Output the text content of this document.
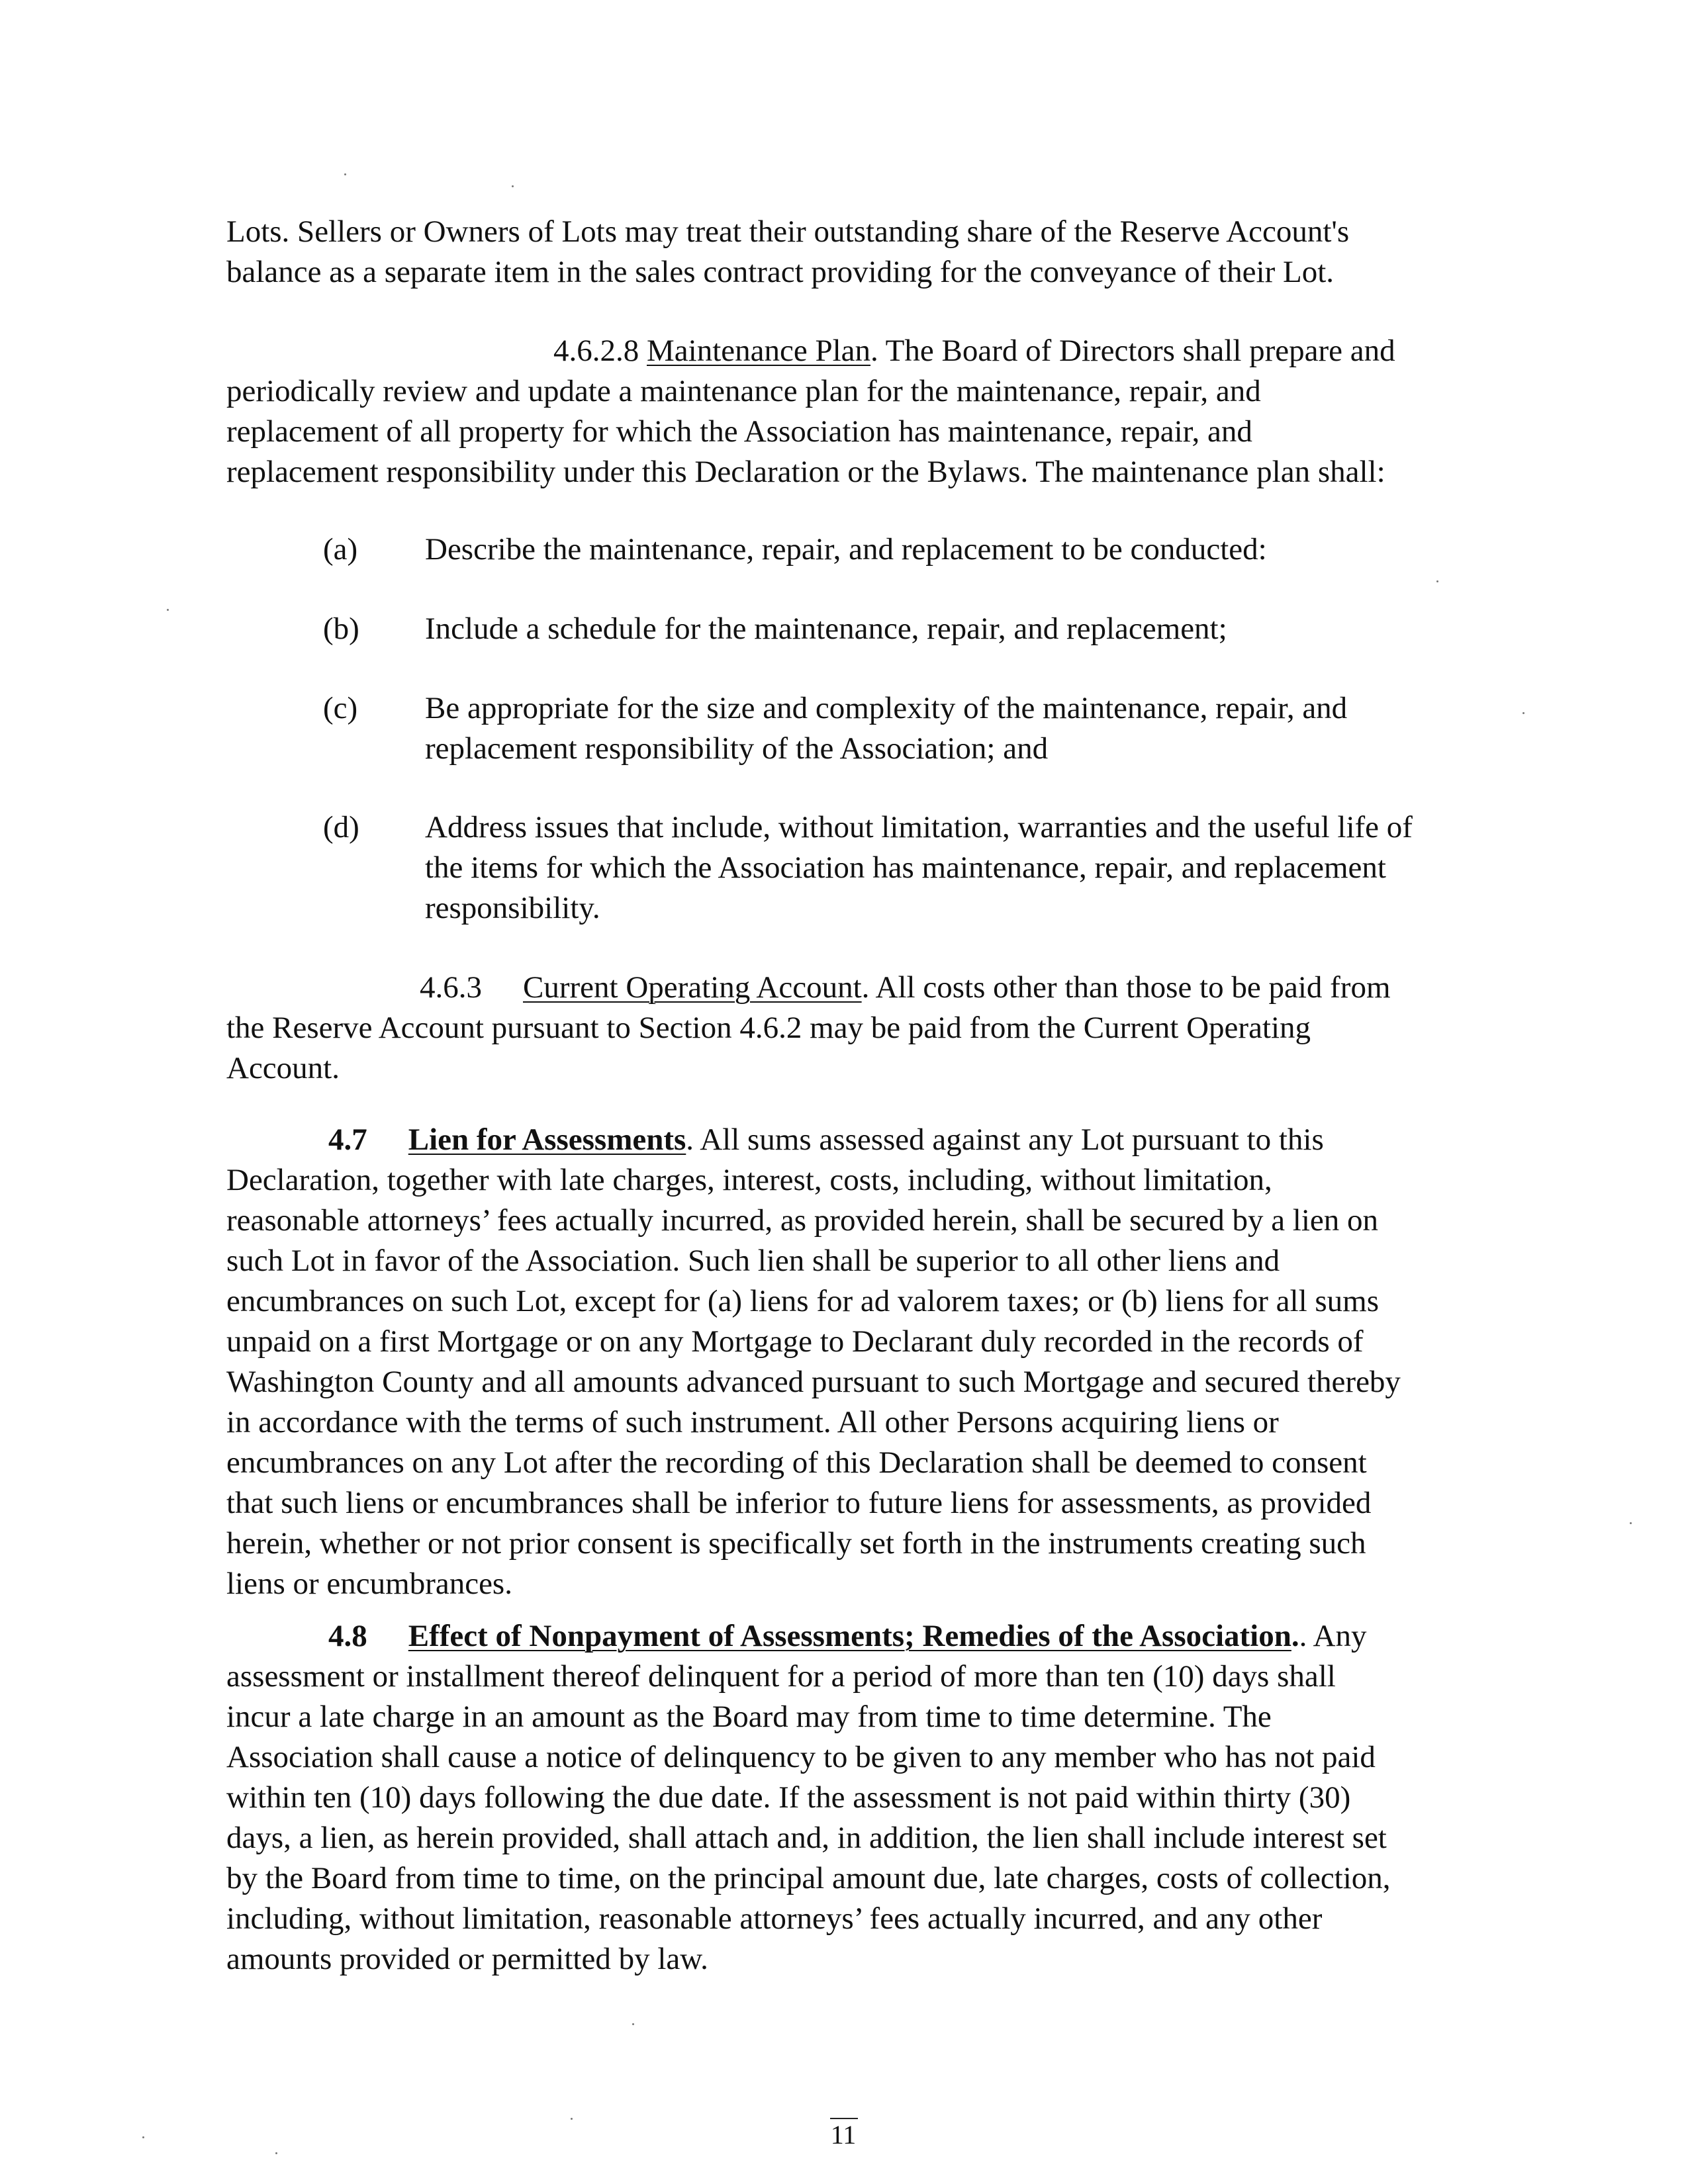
Lots. Sellers or Owners of Lots may treat their outstanding share of the Reserve Account's
balance as a separate item in the sales contract providing for the conveyance of their Lot.
4.6.2.8 Maintenance Plan. The Board of Directors shall prepare and
periodically review and update a maintenance plan for the maintenance, repair, and
replacement of all property for which the Association has maintenance, repair, and
replacement responsibility under this Declaration or the Bylaws. The maintenance plan shall:
(a) Describe the maintenance, repair, and replacement to be conducted:
(b) Include a schedule for the maintenance, repair, and replacement;
(c) Be appropriate for the size and complexity of the maintenance, repair, and
replacement responsibility of the Association; and
(d) Address issues that include, without limitation, warranties and the useful life of
the items for which the Association has maintenance, repair, and replacement
responsibility.
4.6.3 Current Operating Account. All costs other than those to be paid from
the Reserve Account pursuant to Section 4.6.2 may be paid from the Current Operating
Account.
4.7 Lien for Assessments. All sums assessed against any Lot pursuant to this
Declaration, together with late charges, interest, costs, including, without limitation,
reasonable attorneys’ fees actually incurred, as provided herein, shall be secured by a lien on
such Lot in favor of the Association. Such lien shall be superior to all other liens and
encumbrances on such Lot, except for (a) liens for ad valorem taxes; or (b) liens for all sums
unpaid on a first Mortgage or on any Mortgage to Declarant duly recorded in the records of
Washington County and all amounts advanced pursuant to such Mortgage and secured thereby
in accordance with the terms of such instrument. All other Persons acquiring liens or
encumbrances on any Lot after the recording of this Declaration shall be deemed to consent
that such liens or encumbrances shall be inferior to future liens for assessments, as provided
herein, whether or not prior consent is specifically set forth in the instruments creating such
liens or encumbrances.
4.8 Effect of Nonpayment of Assessments; Remedies of the Association.. Any
assessment or installment thereof delinquent for a period of more than ten (10) days shall
incur a late charge in an amount as the Board may from time to time determine. The
Association shall cause a notice of delinquency to be given to any member who has not paid
within ten (10) days following the due date. If the assessment is not paid within thirty (30)
days, a lien, as herein provided, shall attach and, in addition, the lien shall include interest set
by the Board from time to time, on the principal amount due, late charges, costs of collection,
including, without limitation, reasonable attorneys’ fees actually incurred, and any other
amounts provided or permitted by law.
11
